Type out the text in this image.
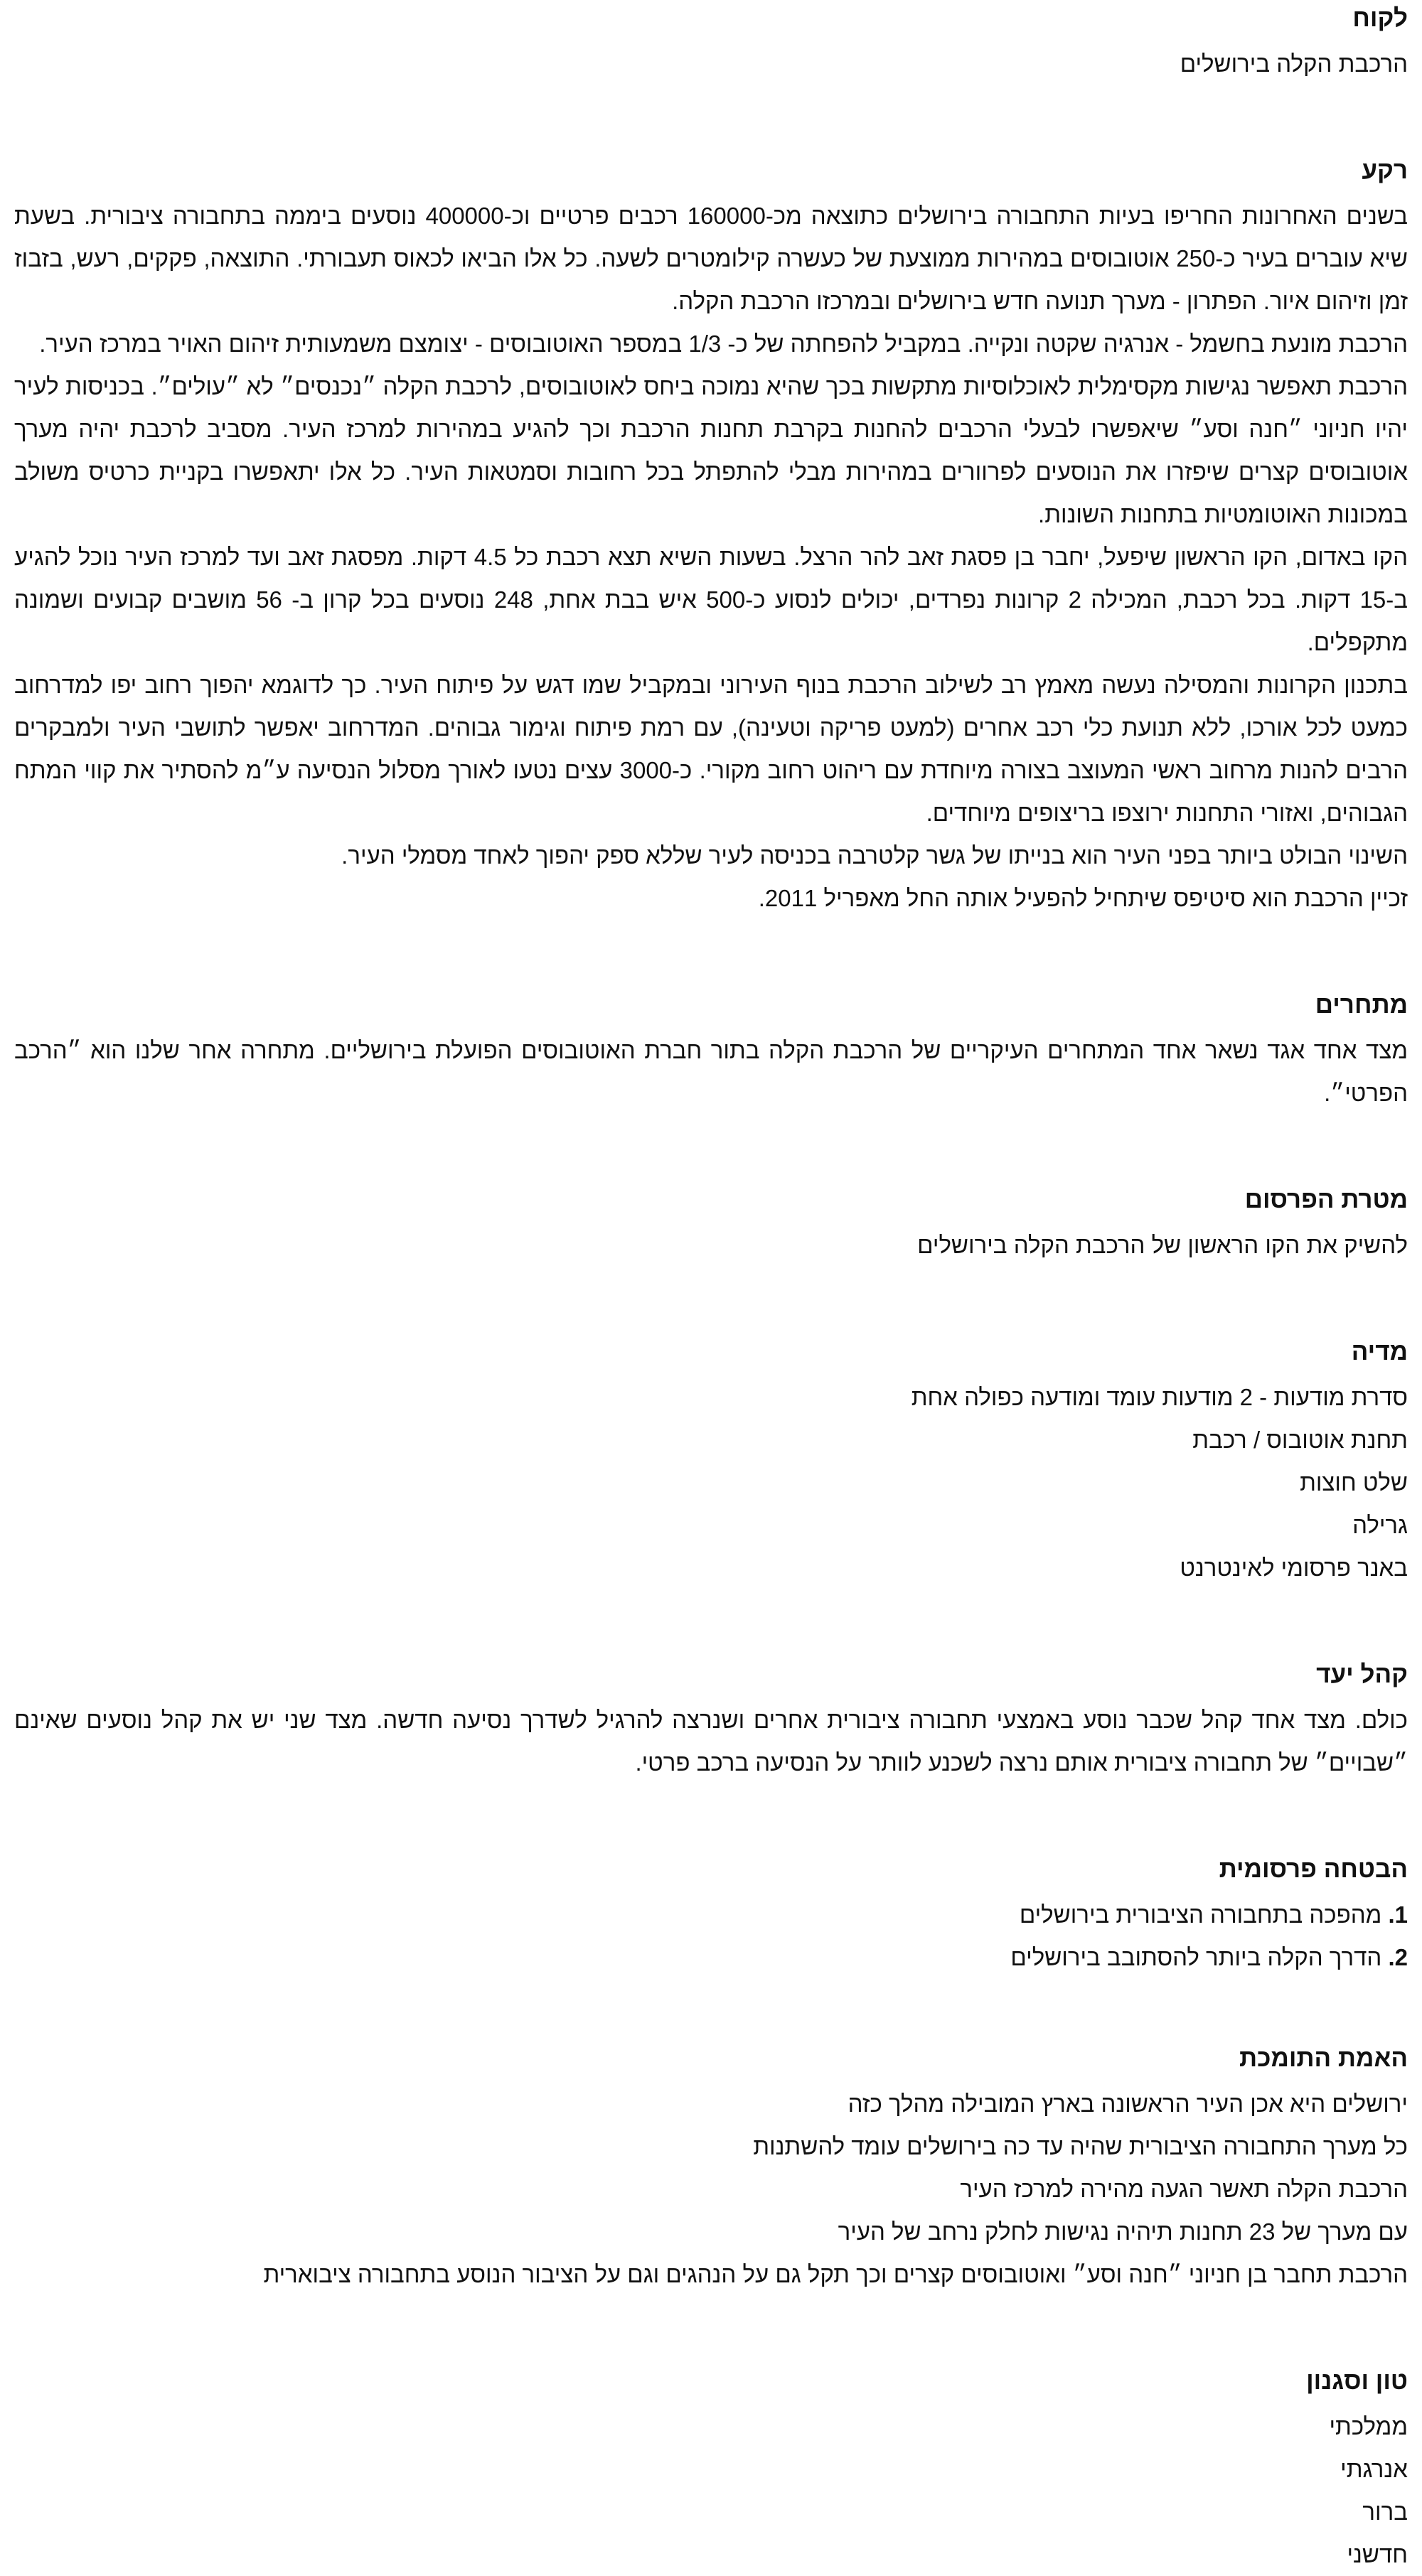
לקוח

הרכבת הקלה בירושלים

רקע

בשנים האחרונות החריפו בעיות התחבורה בירושלים כתוצאה מכ-160000 רכבים פרטיים וכ-400000 נוסעים ביממה בתחבורה ציבורית. בשעת שיא עוברים בעיר כ-250 אוטובוסים במהירות ממוצעת של כעשרה קילומטרים לשעה. כל אלו הביאו לכאוס תעבורתי. התוצאה, פקקים, רעש, בזבוז זמן וזיהום איור. הפתרון - מערך תנועה חדש בירושלים ובמרכזו הרכבת הקלה.

הרכבת מונעת בחשמל - אנרגיה שקטה ונקייה. במקביל להפחתה של כ- 1/3 במספר האוטובוסים - יצומצם משמעותית זיהום האויר במרכז העיר.

הרכבת תאפשר נגישות מקסימלית לאוכלוסיות מתקשות בכך שהיא נמוכה ביחס לאוטובוסים, לרכבת הקלה ״נכנסים״ לא ״עולים״. בכניסות לעיר יהיו חניוני ״חנה וסע״ שיאפשרו לבעלי הרכבים להחנות בקרבת תחנות הרכבת וכך להגיע במהירות למרכז העיר. מסביב לרכבת יהיה מערך אוטובוסים קצרים שיפזרו את הנוסעים לפרוורים במהירות מבלי להתפתל בכל רחובות וסמטאות העיר. כל אלו יתאפשרו בקניית כרטיס משולב במכונות האוטומטיות בתחנות השונות.

הקו באדום, הקו הראשון שיפעל, יחבר בן פסגת זאב להר הרצל. בשעות השיא תצא רכבת כל 4.5 דקות. מפסגת זאב ועד למרכז העיר נוכל להגיע ב-15 דקות. בכל רכבת, המכילה 2 קרונות נפרדים, יכולים לנסוע כ-500 איש בבת אחת, 248 נוסעים בכל קרון ב- 56 מושבים קבועים ושמונה מתקפלים.

בתכנון הקרונות והמסילה נעשה מאמץ רב לשילוב הרכבת בנוף העירוני ובמקביל שמו דגש על פיתוח העיר. כך לדוגמא יהפוך רחוב יפו למדרחוב כמעט לכל אורכו, ללא תנועת כלי רכב אחרים (למעט פריקה וטעינה), עם רמת פיתוח וגימור גבוהים. המדרחוב יאפשר לתושבי העיר ולמבקרים הרבים להנות מרחוב ראשי המעוצב בצורה מיוחדת עם ריהוט רחוב מקורי. כ-3000 עצים נטעו לאורך מסלול הנסיעה ע״מ להסתיר את קווי המתח הגבוהים, ואזורי התחנות ירוצפו בריצופים מיוחדים.

השינוי הבולט ביותר בפני העיר הוא בנייתו של גשר קלטרבה בכניסה לעיר שללא ספק יהפוך לאחד מסמלי העיר.

זכיין הרכבת הוא סיטיפס שיתחיל להפעיל אותה החל מאפריל 2011.

מתחרים

מצד אחד אגד נשאר אחד המתחרים העיקריים של הרכבת הקלה בתור חברת האוטובוסים הפועלת בירושליים. מתחרה אחר שלנו הוא ״הרכב הפרטי״.

מטרת הפרסום

להשיק את הקו הראשון של הרכבת הקלה בירושלים

מדיה
סדרת מודעות - 2 מודעות עומד ומודעה כפולה אחת
תחנת אוטובוס / רכבת
שלט חוצות
גרילה
באנר פרסומי לאינטרנט
קהל יעד

כולם. מצד אחד קהל שכבר נוסע באמצעי תחבורה ציבורית אחרים ושנרצה להרגיל לשדרך נסיעה חדשה. מצד שני יש את קהל נוסעים שאינם ״שבויים״ של תחבורה ציבורית אותם נרצה לשכנע לוותר על הנסיעה ברכב פרטי.

הבטחה פרסומית
1. מהפכה בתחבורה הציבורית בירושלים
2. הדרך הקלה ביותר להסתובב בירושלים
האמת התומכת
ירושלים היא אכן העיר הראשונה בארץ המובילה מהלך כזה
כל מערך התחבורה הציבורית שהיה עד כה בירושלים עומד להשתנות
הרכבת הקלה תאשר הגעה מהירה למרכז העיר
עם מערך של 23 תחנות תיהיה נגישות לחלק נרחב של העיר
הרכבת תחבר בן חניוני ״חנה וסע״ ואוטובוסים קצרים וכך תקל גם על הנהגים וגם על הציבור הנוסע בתחבורה ציבוארית
טון וסגנון
ממלכתי
אנרגתי
ברור
חדשני
